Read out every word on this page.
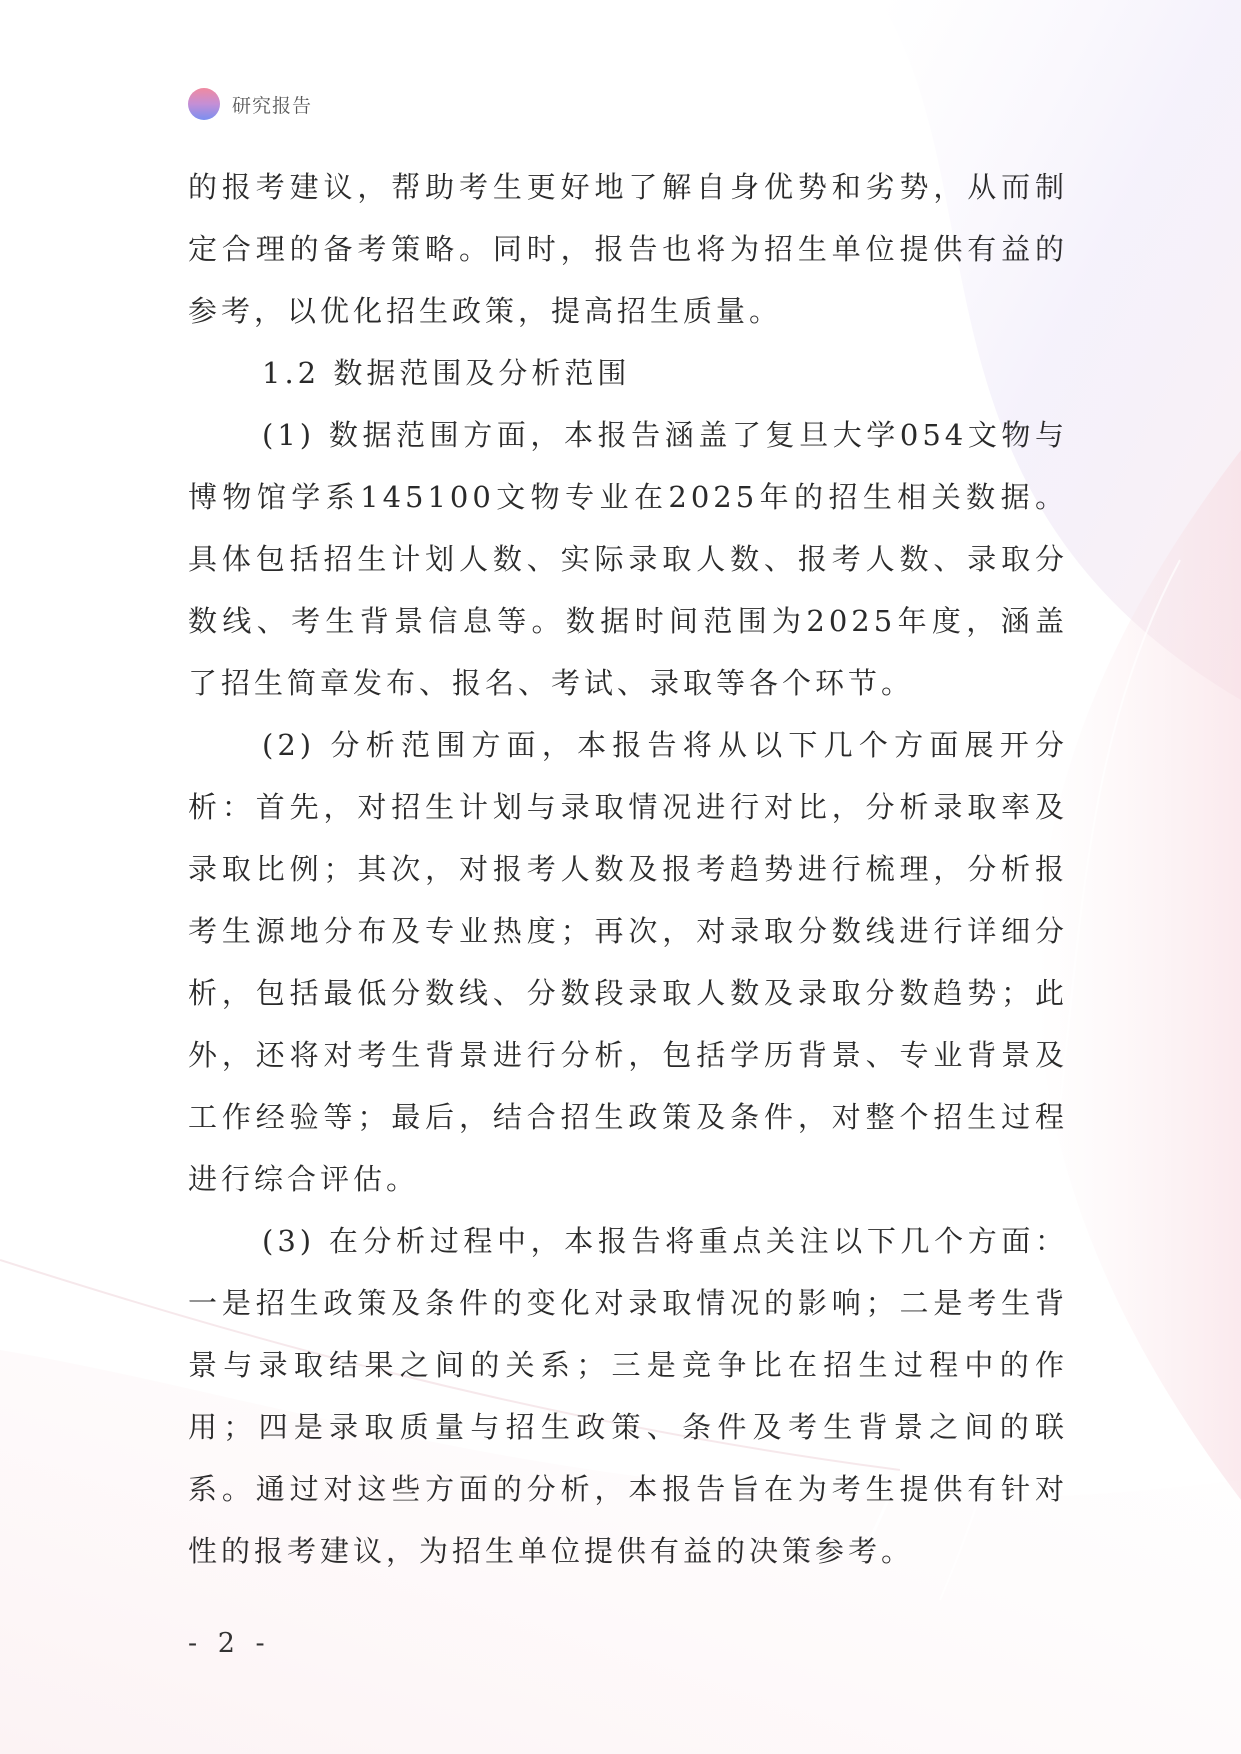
研究报告

的报考建议，帮助考生更好地了解自身优势和劣势，从而制定合理的备考策略。同时，报告也将为招生单位提供有益的参考，以优化招生政策，提高招生质量。

1.2 数据范围及分析范围

(1) 数据范围方面，本报告涵盖了复旦大学054文物与博物馆学系145100文物专业在2025年的招生相关数据。具体包括招生计划人数、实际录取人数、报考人数、录取分数线、考生背景信息等。数据时间范围为2025年度，涵盖了招生简章发布、报名、考试、录取等各个环节。

(2) 分析范围方面，本报告将从以下几个方面展开分析：首先，对招生计划与录取情况进行对比，分析录取率及录取比例；其次，对报考人数及报考趋势进行梳理，分析报考生源地分布及专业热度；再次，对录取分数线进行详细分析，包括最低分数线、分数段录取人数及录取分数趋势；此外，还将对考生背景进行分析，包括学历背景、专业背景及工作经验等；最后，结合招生政策及条件，对整个招生过程进行综合评估。

(3) 在分析过程中，本报告将重点关注以下几个方面：一是招生政策及条件的变化对录取情况的影响；二是考生背景与录取结果之间的关系；三是竞争比在招生过程中的作用；四是录取质量与招生政策、条件及考生背景之间的联系。通过对这些方面的分析，本报告旨在为考生提供有针对性的报考建议，为招生单位提供有益的决策参考。

- 2 -
